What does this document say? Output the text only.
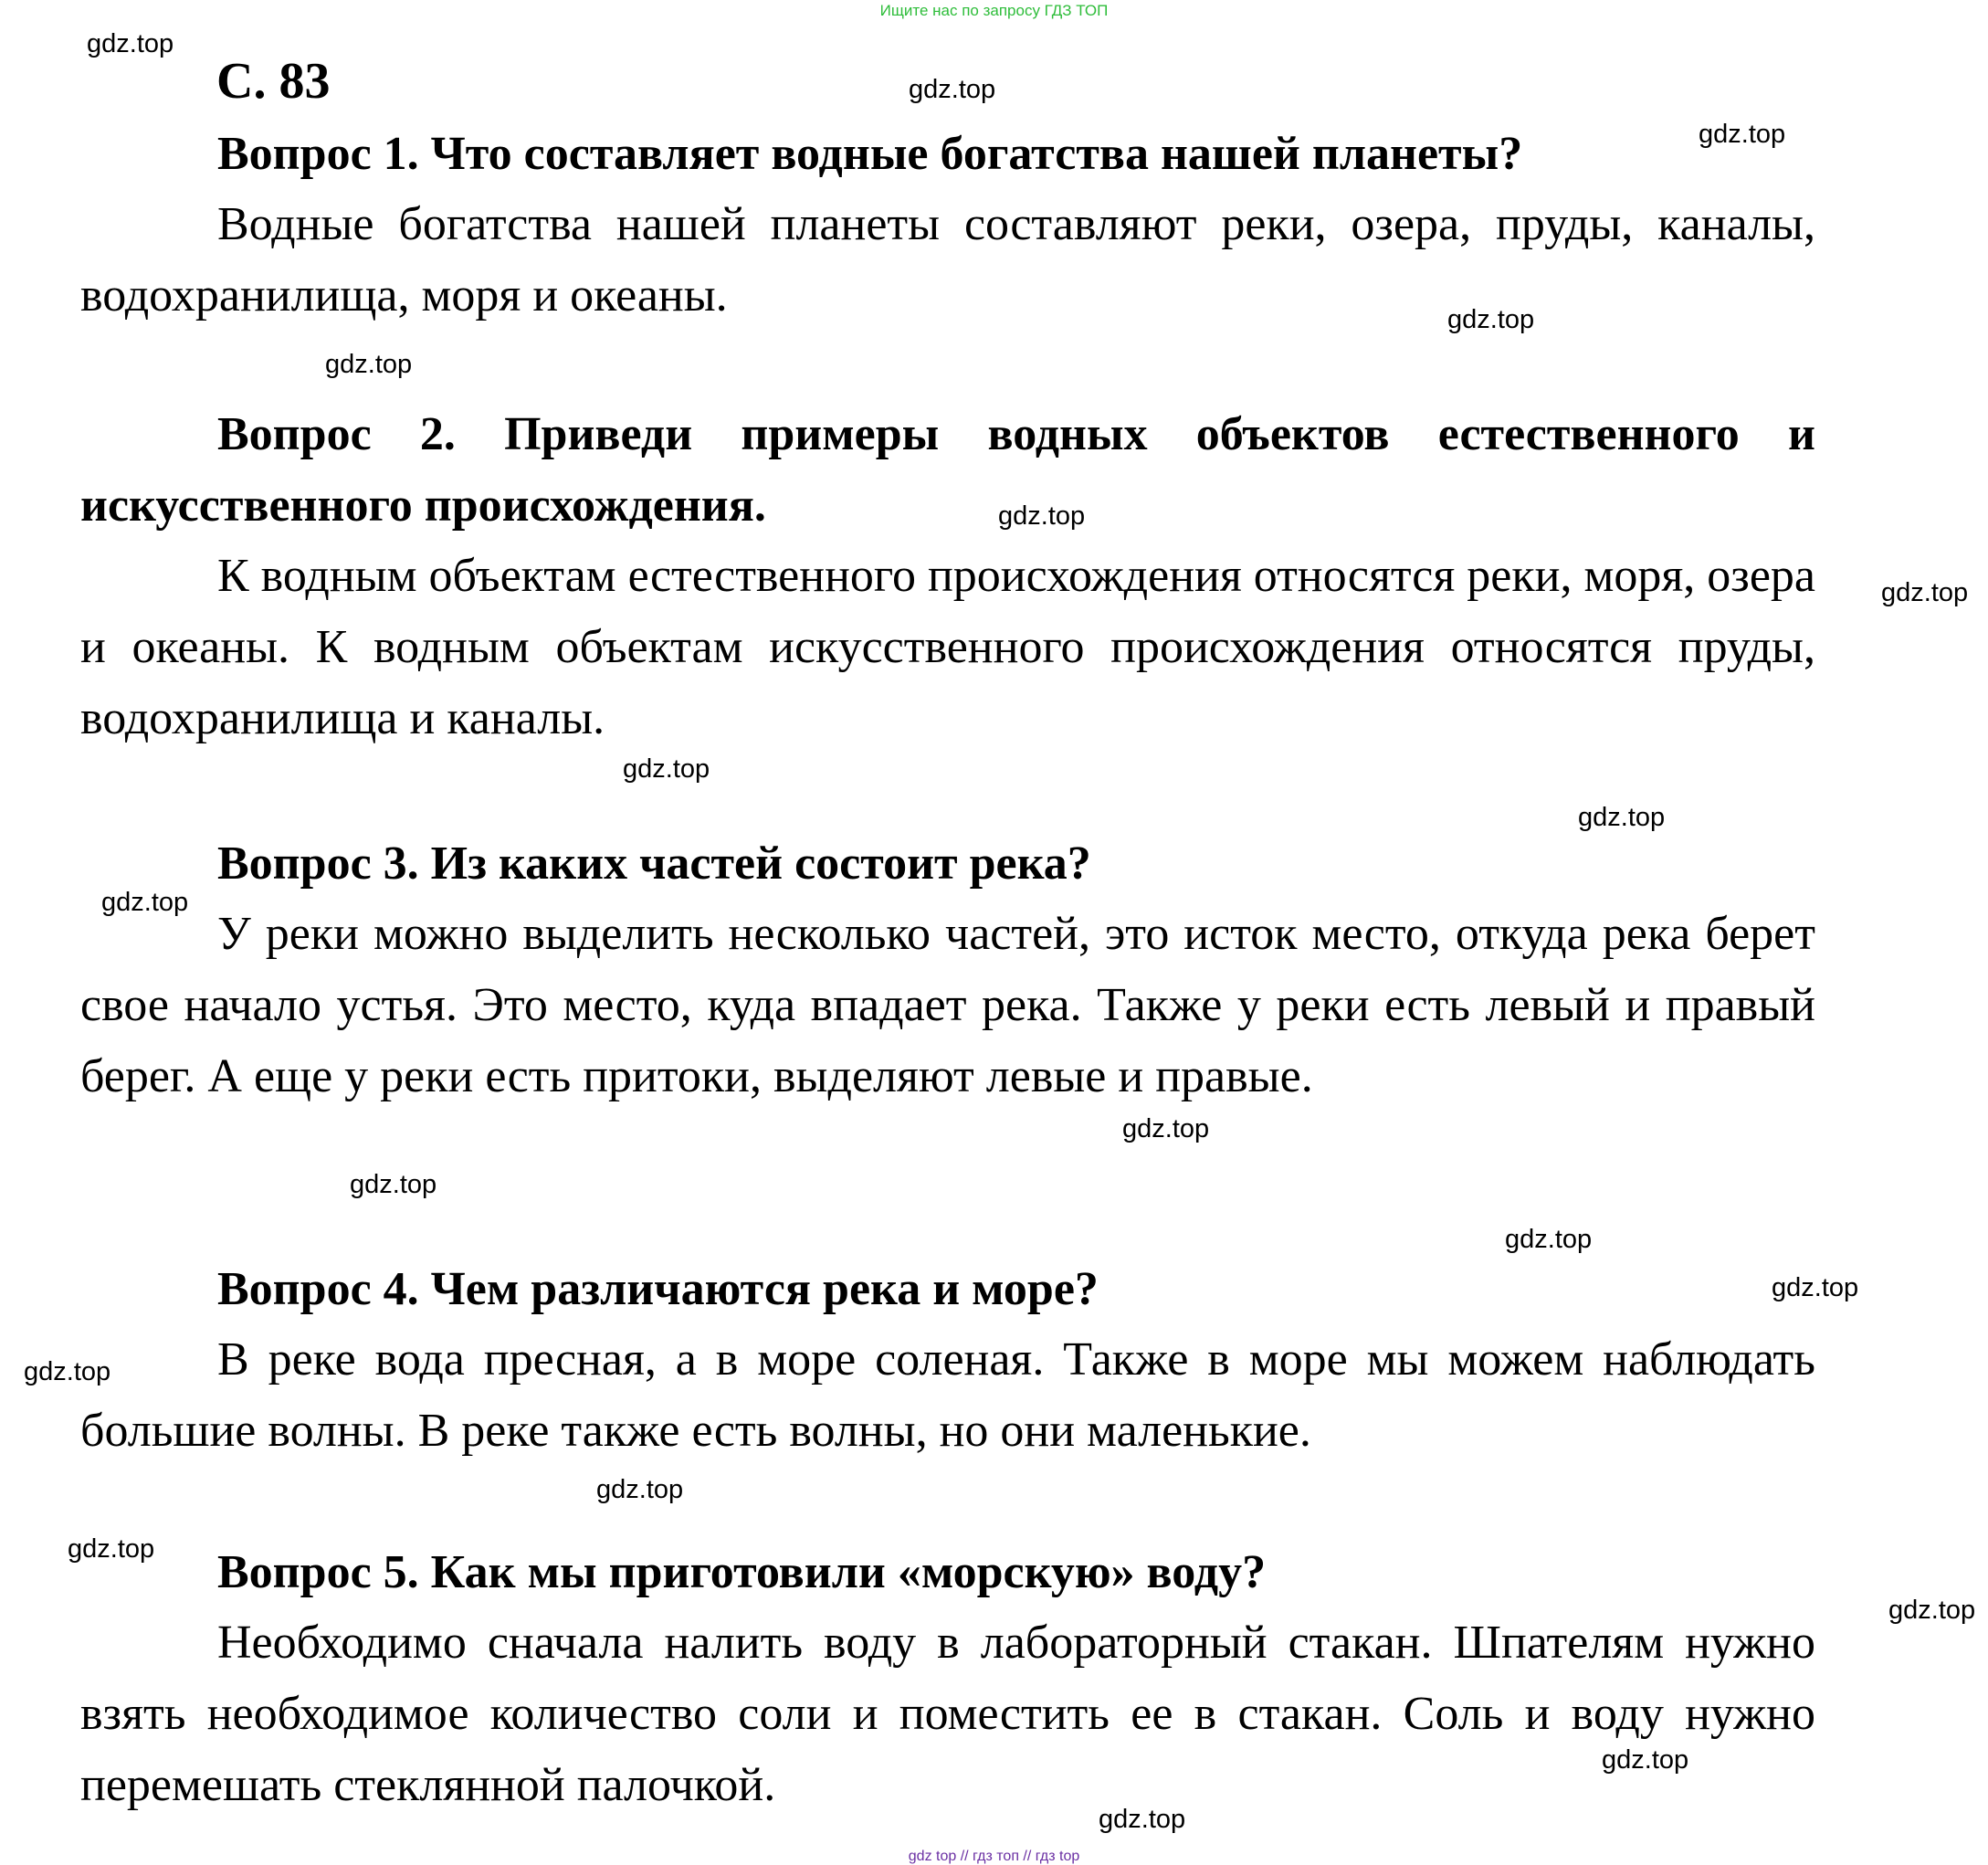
Ищите нас по запросу ГДЗ ТОП
С. 83

Вопрос 1. Что составляет водные богатства нашей планеты?

Водные богатства нашей планеты составляют реки, озера, пруды, каналы, водохранилища, моря и океаны.

Вопрос 2. Приведи примеры водных объектов естественного и искусственного происхождения.

К водным объектам естественного происхождения относятся реки, моря, озера и океаны. К водным объектам искусственного происхождения относятся пруды, водохранилища и каналы.

Вопрос 3. Из каких частей состоит река?

У реки можно выделить несколько частей, это исток место, откуда река берет свое начало устья. Это место, куда впадает река. Также у реки есть левый и правый берег. А еще у реки есть притоки, выделяют левые и правые.

Вопрос 4. Чем различаются река и море?

В реке вода пресная, а в море соленая. Также в море мы можем наблюдать большие волны. В реке также есть волны, но они маленькие.

Вопрос 5. Как мы приготовили «морскую» воду?

Необходимо сначала налить воду в лабораторный стакан. Шпателям нужно взять необходимое количество соли и поместить ее в стакан. Соль и воду нужно перемешать стеклянной палочкой.

gdz.top
gdz.top
gdz.top
gdz.top
gdz.top
gdz.top
gdz.top
gdz.top
gdz.top
gdz.top
gdz.top
gdz.top
gdz.top
gdz.top
gdz.top
gdz.top
gdz.top
gdz.top
gdz.top
gdz.top
gdz top // гдз топ // гдз top
